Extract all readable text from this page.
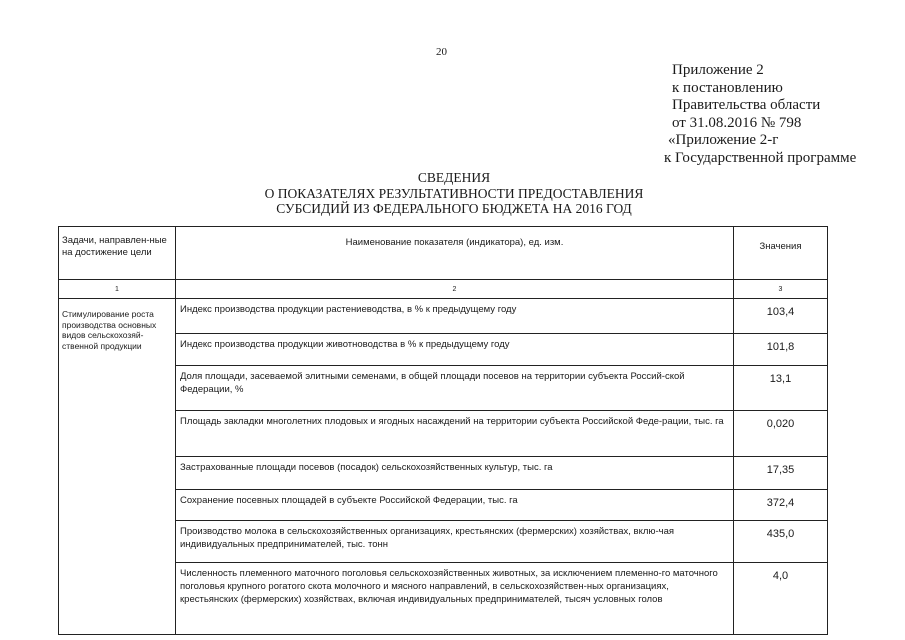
20
Приложение 2
к постановлению
Правительства области
от 31.08.2016 № 798
«Приложение 2-г
к Государственной программе
СВЕДЕНИЯ
О ПОКАЗАТЕЛЯХ РЕЗУЛЬТАТИВНОСТИ ПРЕДОСТАВЛЕНИЯ
СУБСИДИЙ ИЗ ФЕДЕРАЛЬНОГО БЮДЖЕТА НА 2016 ГОД
Задачи, направлен-ные на достижение цели	Наименование показателя (индикатора), ед. изм.	Значения
1	2	3
Стимулирование роста производства основных видов сельскохозяй-ственной продукции	Индекс производства продукции растениеводства, в % к предыдущему году	103,4
	Индекс производства продукции животноводства в % к предыдущему году	101,8
	Доля площади, засеваемой элитными семенами, в общей площади посевов на территории субъекта Россий-ской Федерации, %	13,1
	Площадь закладки многолетних плодовых и ягодных насаждений на территории субъекта Российской Феде-рации, тыс. га	0,020
	Застрахованные площади посевов (посадок) сельскохозяйственных культур, тыс. га	17,35
	Сохранение посевных площадей в субъекте Российской Федерации, тыс. га	372,4
	Производство молока в сельскохозяйственных организациях, крестьянских (фермерских) хозяйствах, вклю-чая индивидуальных предпринимателей, тыс. тонн	435,0
	Численность племенного маточного поголовья сельскохозяйственных животных, за исключением племенно-го маточного поголовья крупного рогатого скота молочного и мясного направлений, в сельскохозяйствен-ных организациях, крестьянских (фермерских) хозяйствах, включая индивидуальных предпринимателей, тысяч условных голов	4,0
